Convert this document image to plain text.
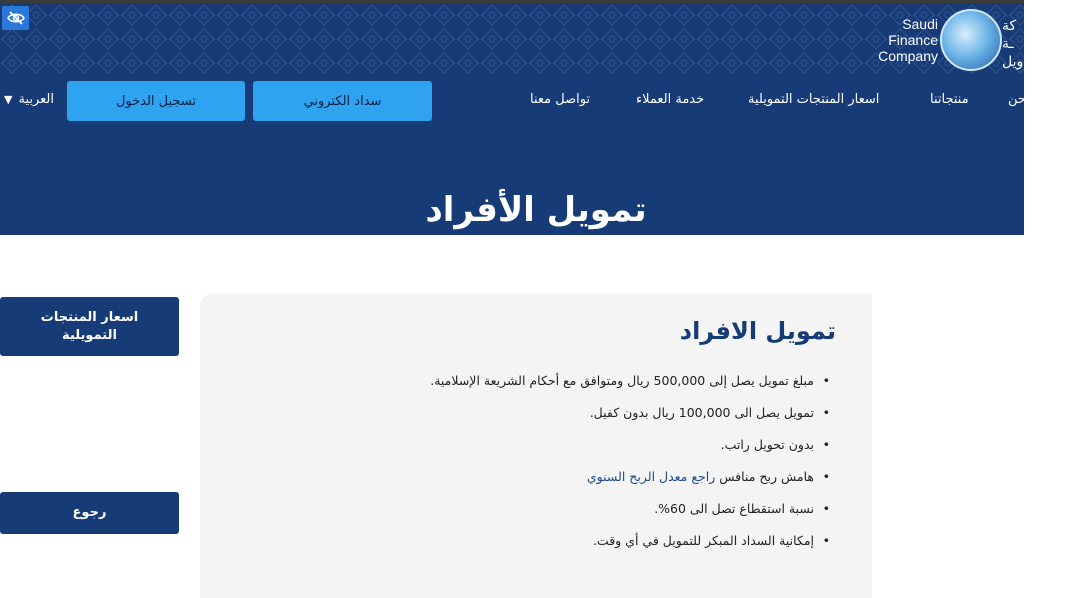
Saudi
Finance
Company
كة
ـة
ويل
حن
منتجاتنا
اسعار المنتجات التمويلية
خدمة العملاء
تواصل معنا
سداد الكتروني
تسجيل الدخول
▼ العربية
تمويل الأفراد
اسعار المنتجات التمويلية
رجوع
تمويل الافراد
• مبلغ تمويل يصل إلى 500,000 ريال ومتوافق مع أحكام الشريعة الإسلامية.
• تمويل يصل الى 100,000 ريال بدون كفيل.
• بدون تحويل راتب.
• هامش ربح منافس راجع معدل الربح السنوي
• نسبة استقطاع تصل الى 60%.
• إمكانية السداد المبكر للتمويل في أي وقت.
